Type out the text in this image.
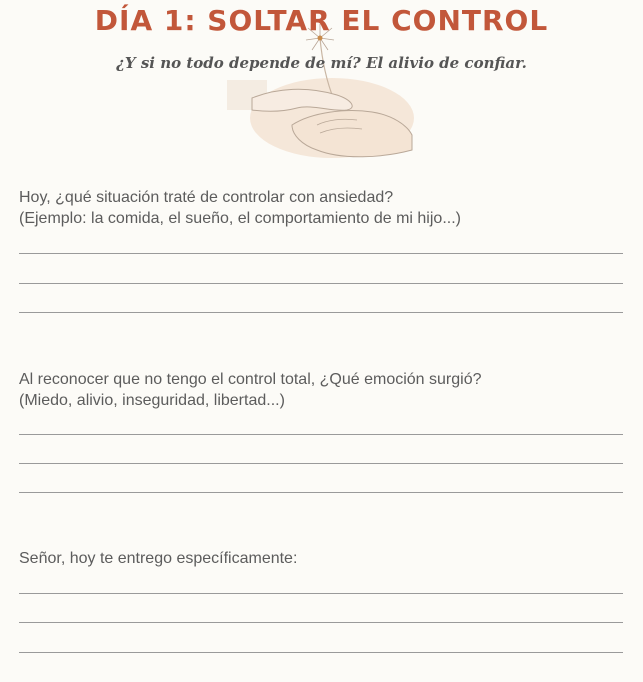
DÍA 1: SOLTAR EL CONTROL
¿Y si no todo depende de mí? El alivio de confiar.
Hoy, ¿qué situación traté de controlar con ansiedad?
(Ejemplo: la comida, el sueño, el comportamiento de mi hijo...)
Al reconocer que no tengo el control total, ¿Qué emoción surgió?
(Miedo, alivio, inseguridad, libertad...)
Señor, hoy te entrego específicamente:
